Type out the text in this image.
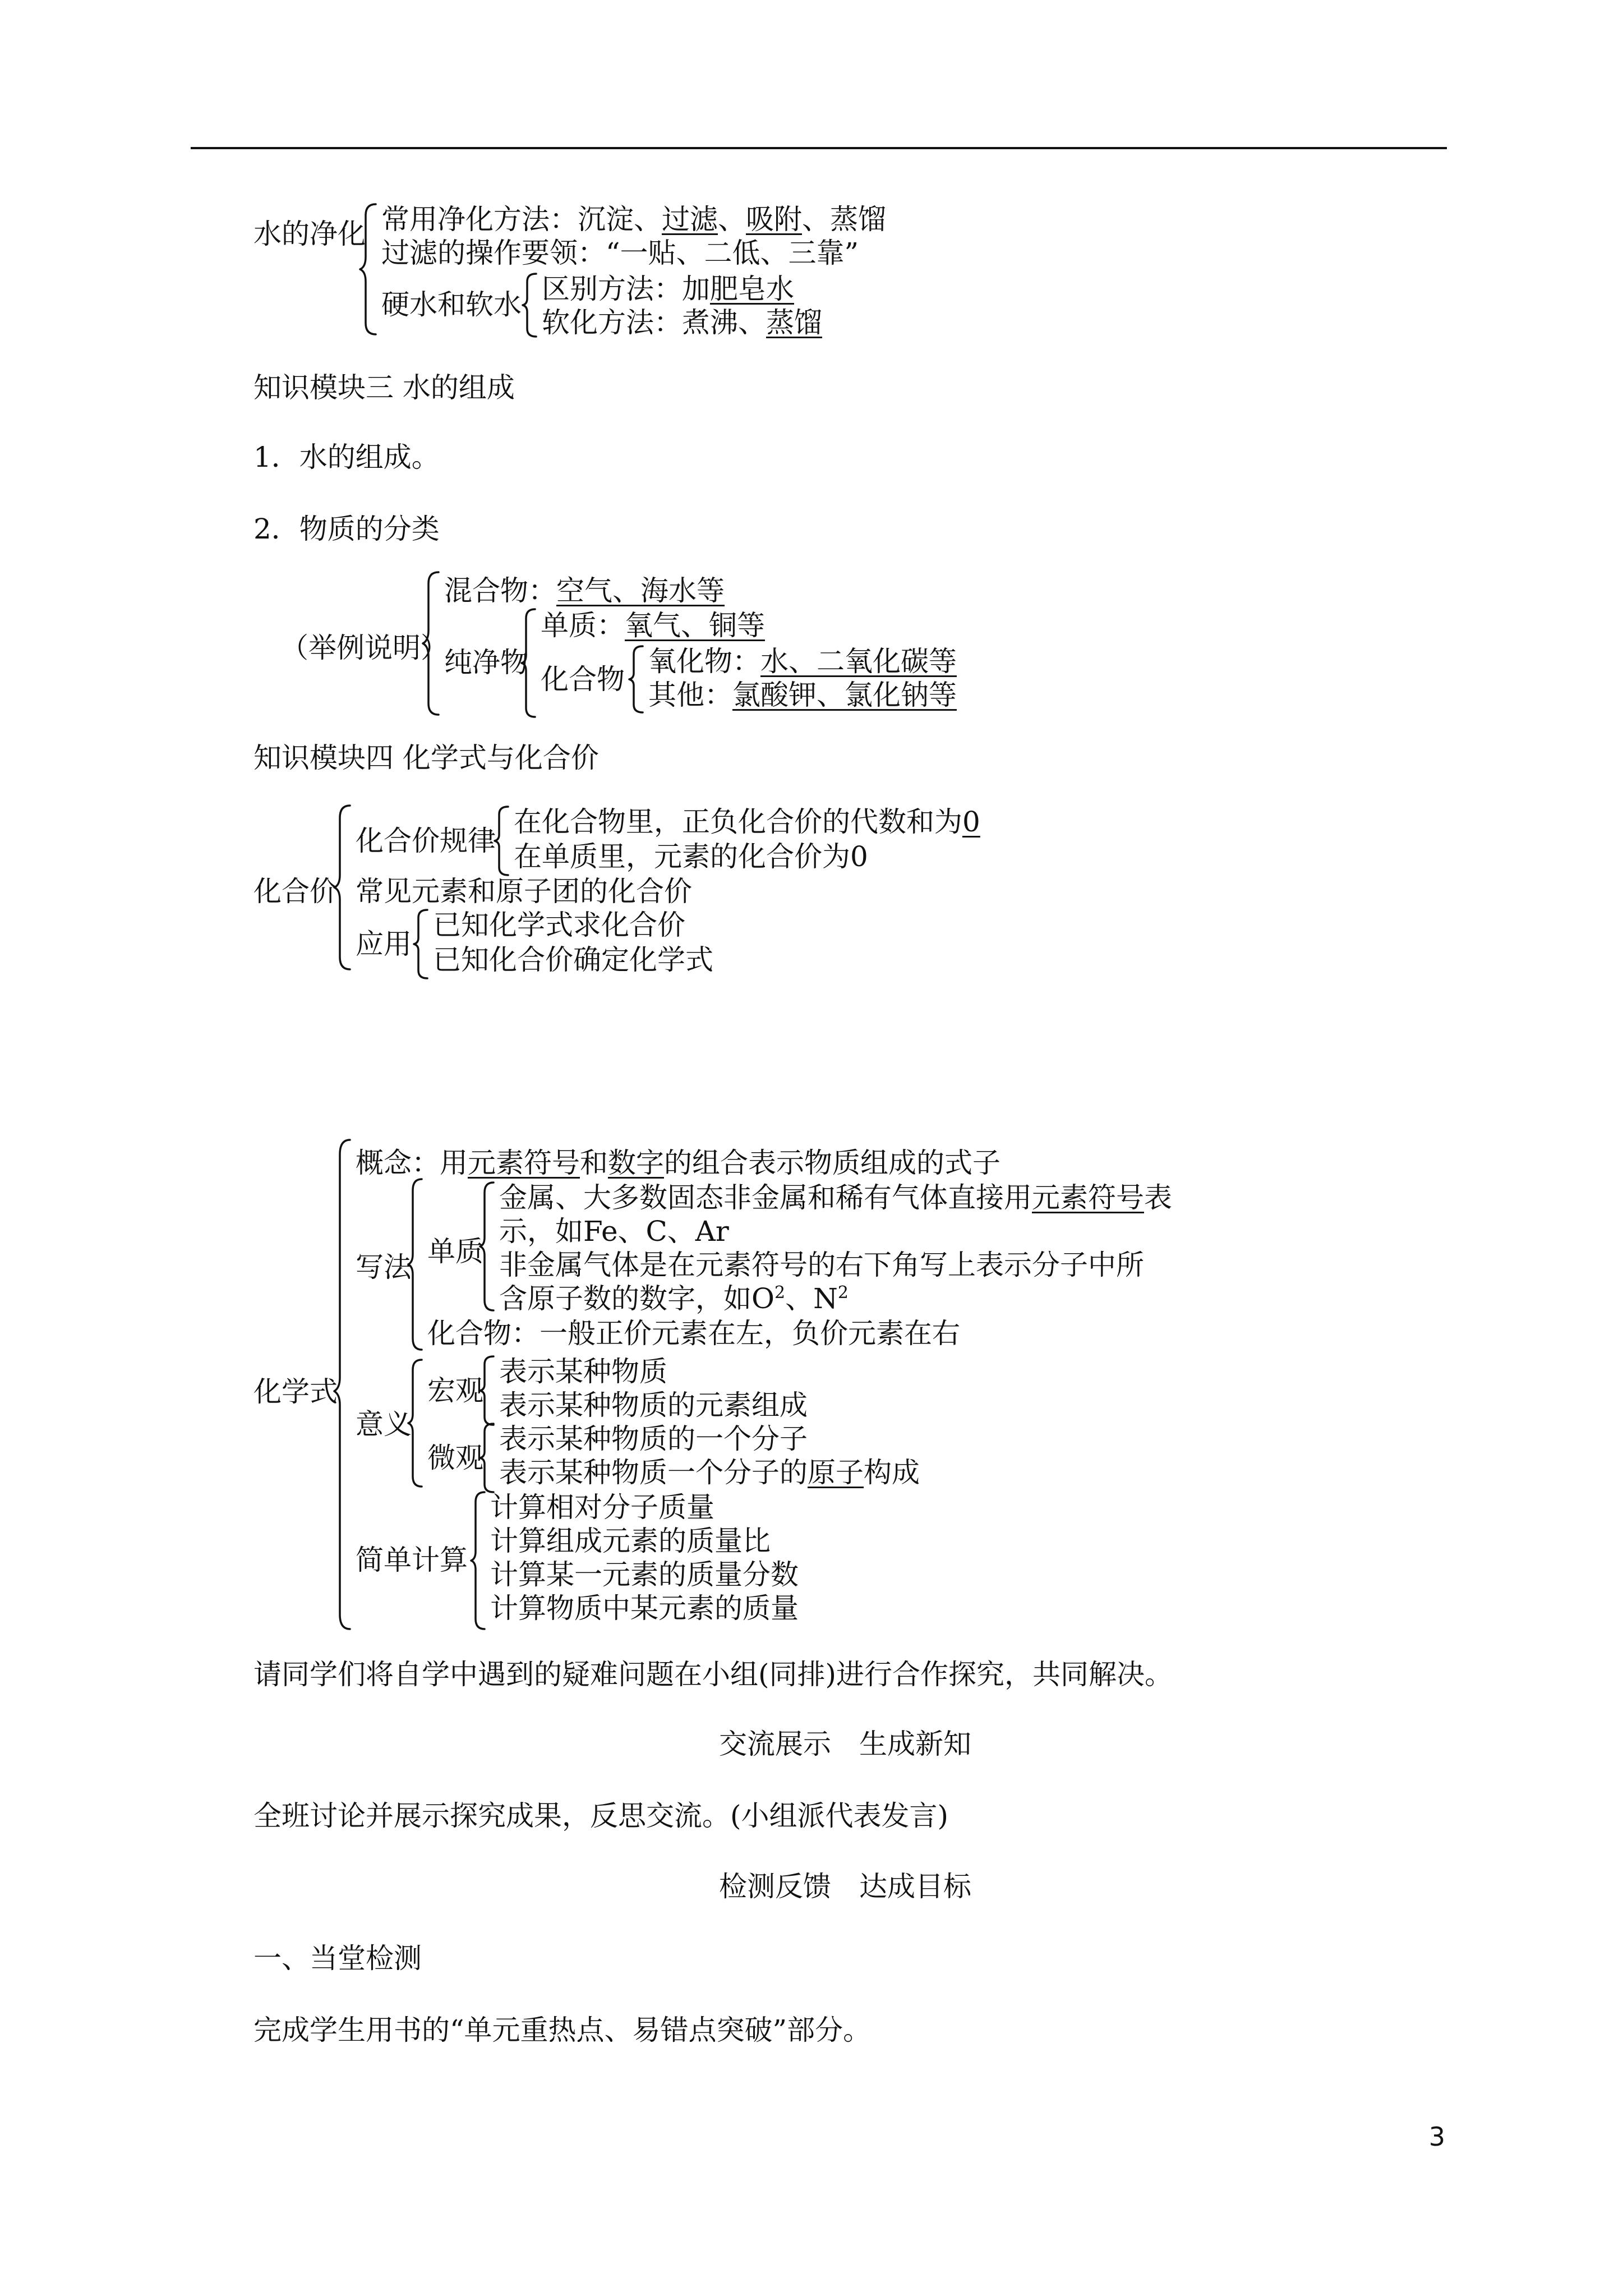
水的净化 常用净化方法：沉淀、过滤、吸附、蒸馏
过滤的操作要领：“一贴、二低、三靠”
硬水和软水 区别方法：加肥皂水
软化方法：煮沸、蒸馏
知识模块三 水的组成
1．水的组成。
2．物质的分类
（举例说明）
混合物：空气、海水等
纯净物
单质：氧气、铜等
化合物
氧化物：水、二氧化碳等
其他：氯酸钾、氯化钠等
知识模块四 化学式与化合价
化合价
化合价规律
在化合物里，正负化合价的代数和为0
在单质里，元素的化合价为0
常见元素和原子团的化合价
应用
已知化学式求化合价
已知化合价确定化学式
化学式
概念：用元素符号和数字的组合表示物质组成的式子
写法 单质
金属、大多数固态非金属和稀有气体直接用元素符号表
示，如Fe、C、Ar
非金属气体是在元素符号的右下角写上表示分子中所
含原子数的数字，如$O^2$、$N^2$
化合物：一般正价元素在左，负价元素在右
意义
宏观
表示某种物质
表示某种物质的元素组成
微观
表示某种物质的一个分子
表示某种物质一个分子的原子构成
简单计算
计算相对分子质量
计算组成元素的质量比
计算某一元素的质量分数
计算物质中某元素的质量
请同学们将自学中遇到的疑难问题在小组(同排)进行合作探究，共同解决。
交流展示　生成新知
全班讨论并展示探究成果，反思交流。(小组派代表发言)
检测反馈　达成目标
一、当堂检测
完成学生用书的“单元重热点、易错点突破”部分。
3
